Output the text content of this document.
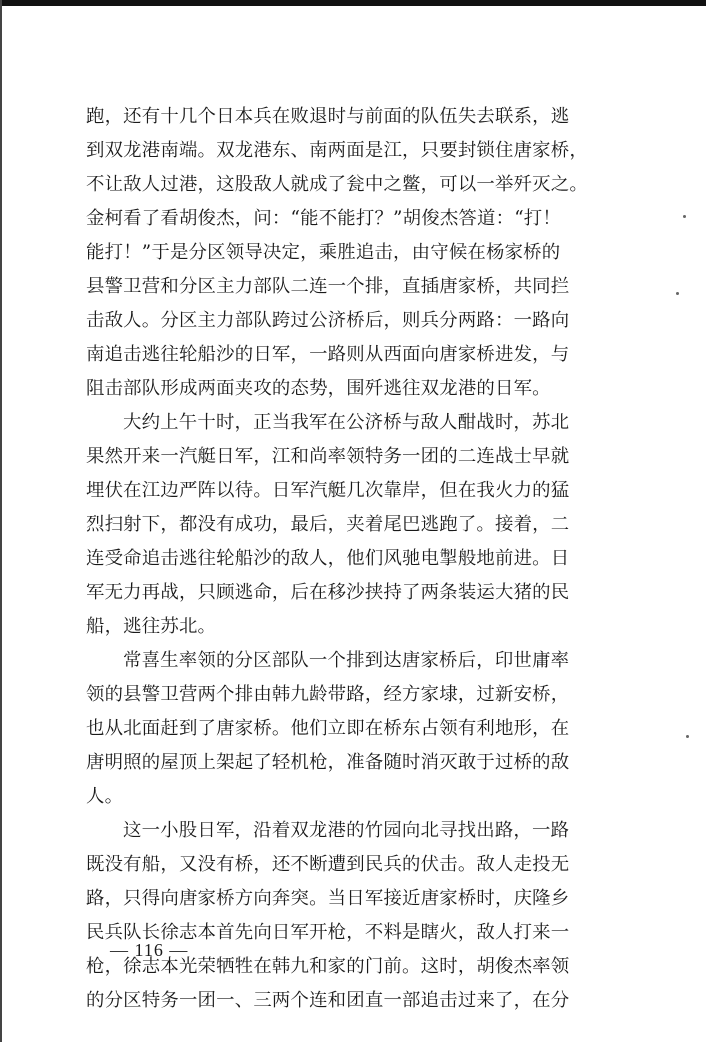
跑，还有十几个日本兵在败退时与前面的队伍失去联系，逃
到双龙港南端。双龙港东、南两面是江，只要封锁住唐家桥，
不让敌人过港，这股敌人就成了瓮中之鳖，可以一举歼灭之。
金柯看了看胡俊杰，问：“能不能打？”胡俊杰答道：“打！
能打！”于是分区领导决定，乘胜追击，由守候在杨家桥的
县警卫营和分区主力部队二连一个排，直插唐家桥，共同拦
击敌人。分区主力部队跨过公济桥后，则兵分两路：一路向
南追击逃往轮船沙的日军，一路则从西面向唐家桥进发，与
阻击部队形成两面夹攻的态势，围歼逃往双龙港的日军。
大约上午十时，正当我军在公济桥与敌人酣战时，苏北
果然开来一汽艇日军，江和尚率领特务一团的二连战士早就
埋伏在江边严阵以待。日军汽艇几次靠岸，但在我火力的猛
烈扫射下，都没有成功，最后，夹着尾巴逃跑了。接着，二
连受命追击逃往轮船沙的敌人，他们风驰电掣般地前进。日
军无力再战，只顾逃命，后在移沙挟持了两条装运大猪的民
船，逃往苏北。
常喜生率领的分区部队一个排到达唐家桥后，印世庸率
领的县警卫营两个排由韩九龄带路，经方家埭，过新安桥，
也从北面赶到了唐家桥。他们立即在桥东占领有利地形，在
唐明照的屋顶上架起了轻机枪，准备随时消灭敢于过桥的敌
人。
这一小股日军，沿着双龙港的竹园向北寻找出路，一路
既没有船，又没有桥，还不断遭到民兵的伏击。敌人走投无
路，只得向唐家桥方向奔突。当日军接近唐家桥时，庆隆乡
民兵队长徐志本首先向日军开枪，不料是瞎火，敌人打来一
枪，徐志本光荣牺牲在韩九和家的门前。这时，胡俊杰率领
的分区特务一团一、三两个连和团直一部追击过来了，在分
— 116 —
